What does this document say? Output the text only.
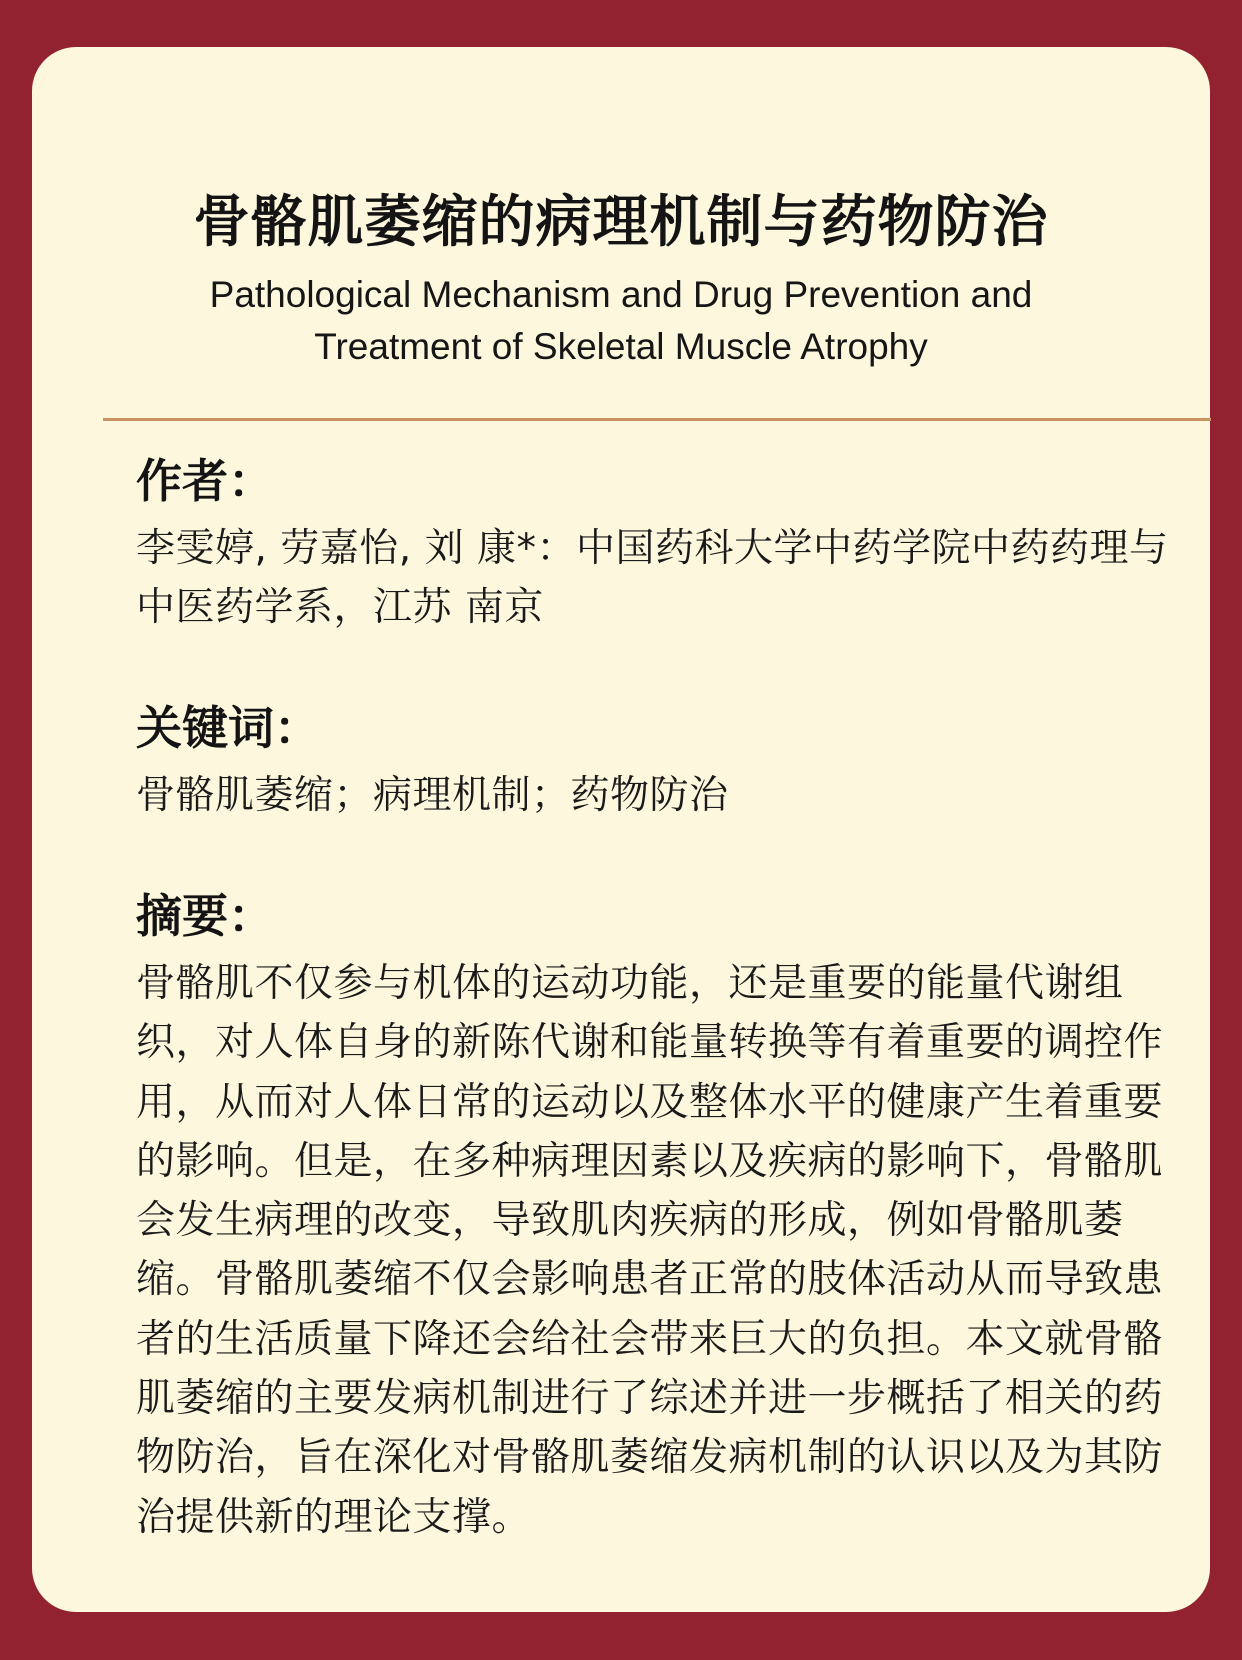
骨骼肌萎缩的病理机制与药物防治

Pathological Mechanism and Drug Prevention and Treatment of Skeletal Muscle Atrophy

作者：

李雯婷, 劳嘉怡, 刘 康*：中国药科大学中药学院中药药理与中医药学系，江苏 南京

关键词：

骨骼肌萎缩；病理机制；药物防治

摘要：

骨骼肌不仅参与机体的运动功能，还是重要的能量代谢组织，对人体自身的新陈代谢和能量转换等有着重要的调控作用，从而对人体日常的运动以及整体水平的健康产生着重要的影响。但是，在多种病理因素以及疾病的影响下，骨骼肌会发生病理的改变，导致肌肉疾病的形成，例如骨骼肌萎缩。骨骼肌萎缩不仅会影响患者正常的肢体活动从而导致患者的生活质量下降还会给社会带来巨大的负担。本文就骨骼肌萎缩的主要发病机制进行了综述并进一步概括了相关的药物防治，旨在深化对骨骼肌萎缩发病机制的认识以及为其防治提供新的理论支撑。
